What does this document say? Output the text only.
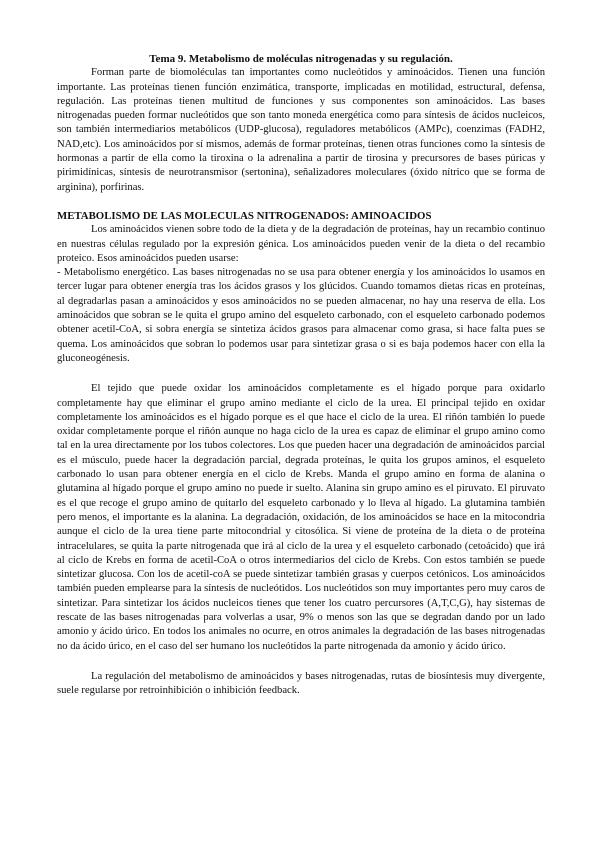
Tema 9. Metabolismo de moléculas nitrogenadas y su regulación.

Forman parte de biomoléculas tan importantes como nucleótidos y aminoácidos. Tienen una función importante. Las proteínas tienen función enzimática, transporte, implicadas en motilidad, estructural, defensa, regulación. Las proteínas tienen multitud de funciones y sus componentes son aminoácidos. Las bases nitrogenadas pueden formar nucleótidos que son tanto moneda energética como para síntesis de ácidos nucleicos, son también intermediarios metabólicos (UDP-glucosa), reguladores metabólicos (AMPc), coenzimas (FADH2, NAD,etc). Los aminoácidos por sí mismos, además de formar proteínas, tienen otras funciones como la síntesis de hormonas a partir de ella como la tiroxina o la adrenalina a partir de tirosina y precursores de bases púricas y pirimidínicas, síntesis de neurotransmisor (sertonina), señalizadores moleculares (óxido nítrico que se forma de arginina), porfirinas.

METABOLISMO DE LAS MOLECULAS NITROGENADOS: AMINOACIDOS

Los aminoácidos vienen sobre todo de la dieta y de la degradación de proteínas, hay un recambio continuo en nuestras células regulado por la expresión génica. Los aminoácidos pueden venir de la dieta o del recambio proteico. Esos aminoácidos pueden usarse:

- Metabolismo energético. Las bases nitrogenadas no se usa para obtener energía y los aminoácidos lo usamos en tercer lugar para obtener energía tras los ácidos grasos y los glúcidos. Cuando tomamos dietas ricas en proteínas, al degradarlas pasan a aminoácidos y esos aminoácidos no se pueden almacenar, no hay una reserva de ella. Los aminoácidos que sobran se le quita el grupo amino del esqueleto carbonado, con el esqueleto carbonado podemos obtener acetil-CoA, si sobra energía se sintetiza ácidos grasos para almacenar como grasa, si hace falta pues se quema. Los aminoácidos que sobran lo podemos usar para sintetizar grasa o si es baja podemos hacer con ella la gluconeogénesis.

El tejido que puede oxidar los aminoácidos completamente es el hígado porque para oxidarlo completamente hay que eliminar el grupo amino mediante el ciclo de la urea. El principal tejido en oxidar completamente los aminoácidos es el hígado porque es el que hace el ciclo de la urea. El riñón también lo puede oxidar completamente porque el riñón aunque no haga ciclo de la urea es capaz de eliminar el grupo amino como tal en la urea directamente por los tubos colectores. Los que pueden hacer una degradación de aminoácidos parcial es el músculo, puede hacer la degradación parcial, degrada proteínas, le quita los grupos aminos, el esqueleto carbonado lo usan para obtener energía en el ciclo de Krebs. Manda el grupo amino en forma de alanina o glutamina al hígado porque el grupo amino no puede ir suelto. Alanina sin grupo amino es el piruvato. El piruvato es el que recoge el grupo amino de quitarlo del esqueleto carbonado y lo lleva al hígado. La glutamina también pero menos, el importante es la alanina. La degradación, oxidación, de los aminoácidos se hace en la mitocondria aunque el ciclo de la urea tiene parte mitocondrial y citosólica. Si viene de proteína de la dieta o de proteína intracelulares, se quita la parte nitrogenada que irá al ciclo de la urea y el esqueleto carbonado (cetoácido) que irá al ciclo de Krebs en forma de acetil-CoA o otros intermediarios del ciclo de Krebs. Con estos también se puede sintetizar glucosa. Con los de acetil-coA se puede sintetizar también grasas y cuerpos cetónicos. Los aminoácidos también pueden emplearse para la síntesis de nucleótidos. Los nucleótidos son muy importantes pero muy caros de sintetizar. Para sintetizar los ácidos nucleicos tienes que tener los cuatro percursores (A,T,C,G), hay sistemas de rescate de las bases nitrogenadas para volverlas a usar, 9% o menos son las que se degradan dando por un lado amonio y ácido úrico. En todos los animales no ocurre, en otros animales la degradación de las bases nitrogenadas no da ácido úrico, en el caso del ser humano los nucleótidos la parte nitrogenada da amonio y ácido úrico.

La regulación del metabolismo de aminoácidos y bases nitrogenadas, rutas de biosíntesis muy divergente, suele regularse por retroinhibición o inhibición feedback.
